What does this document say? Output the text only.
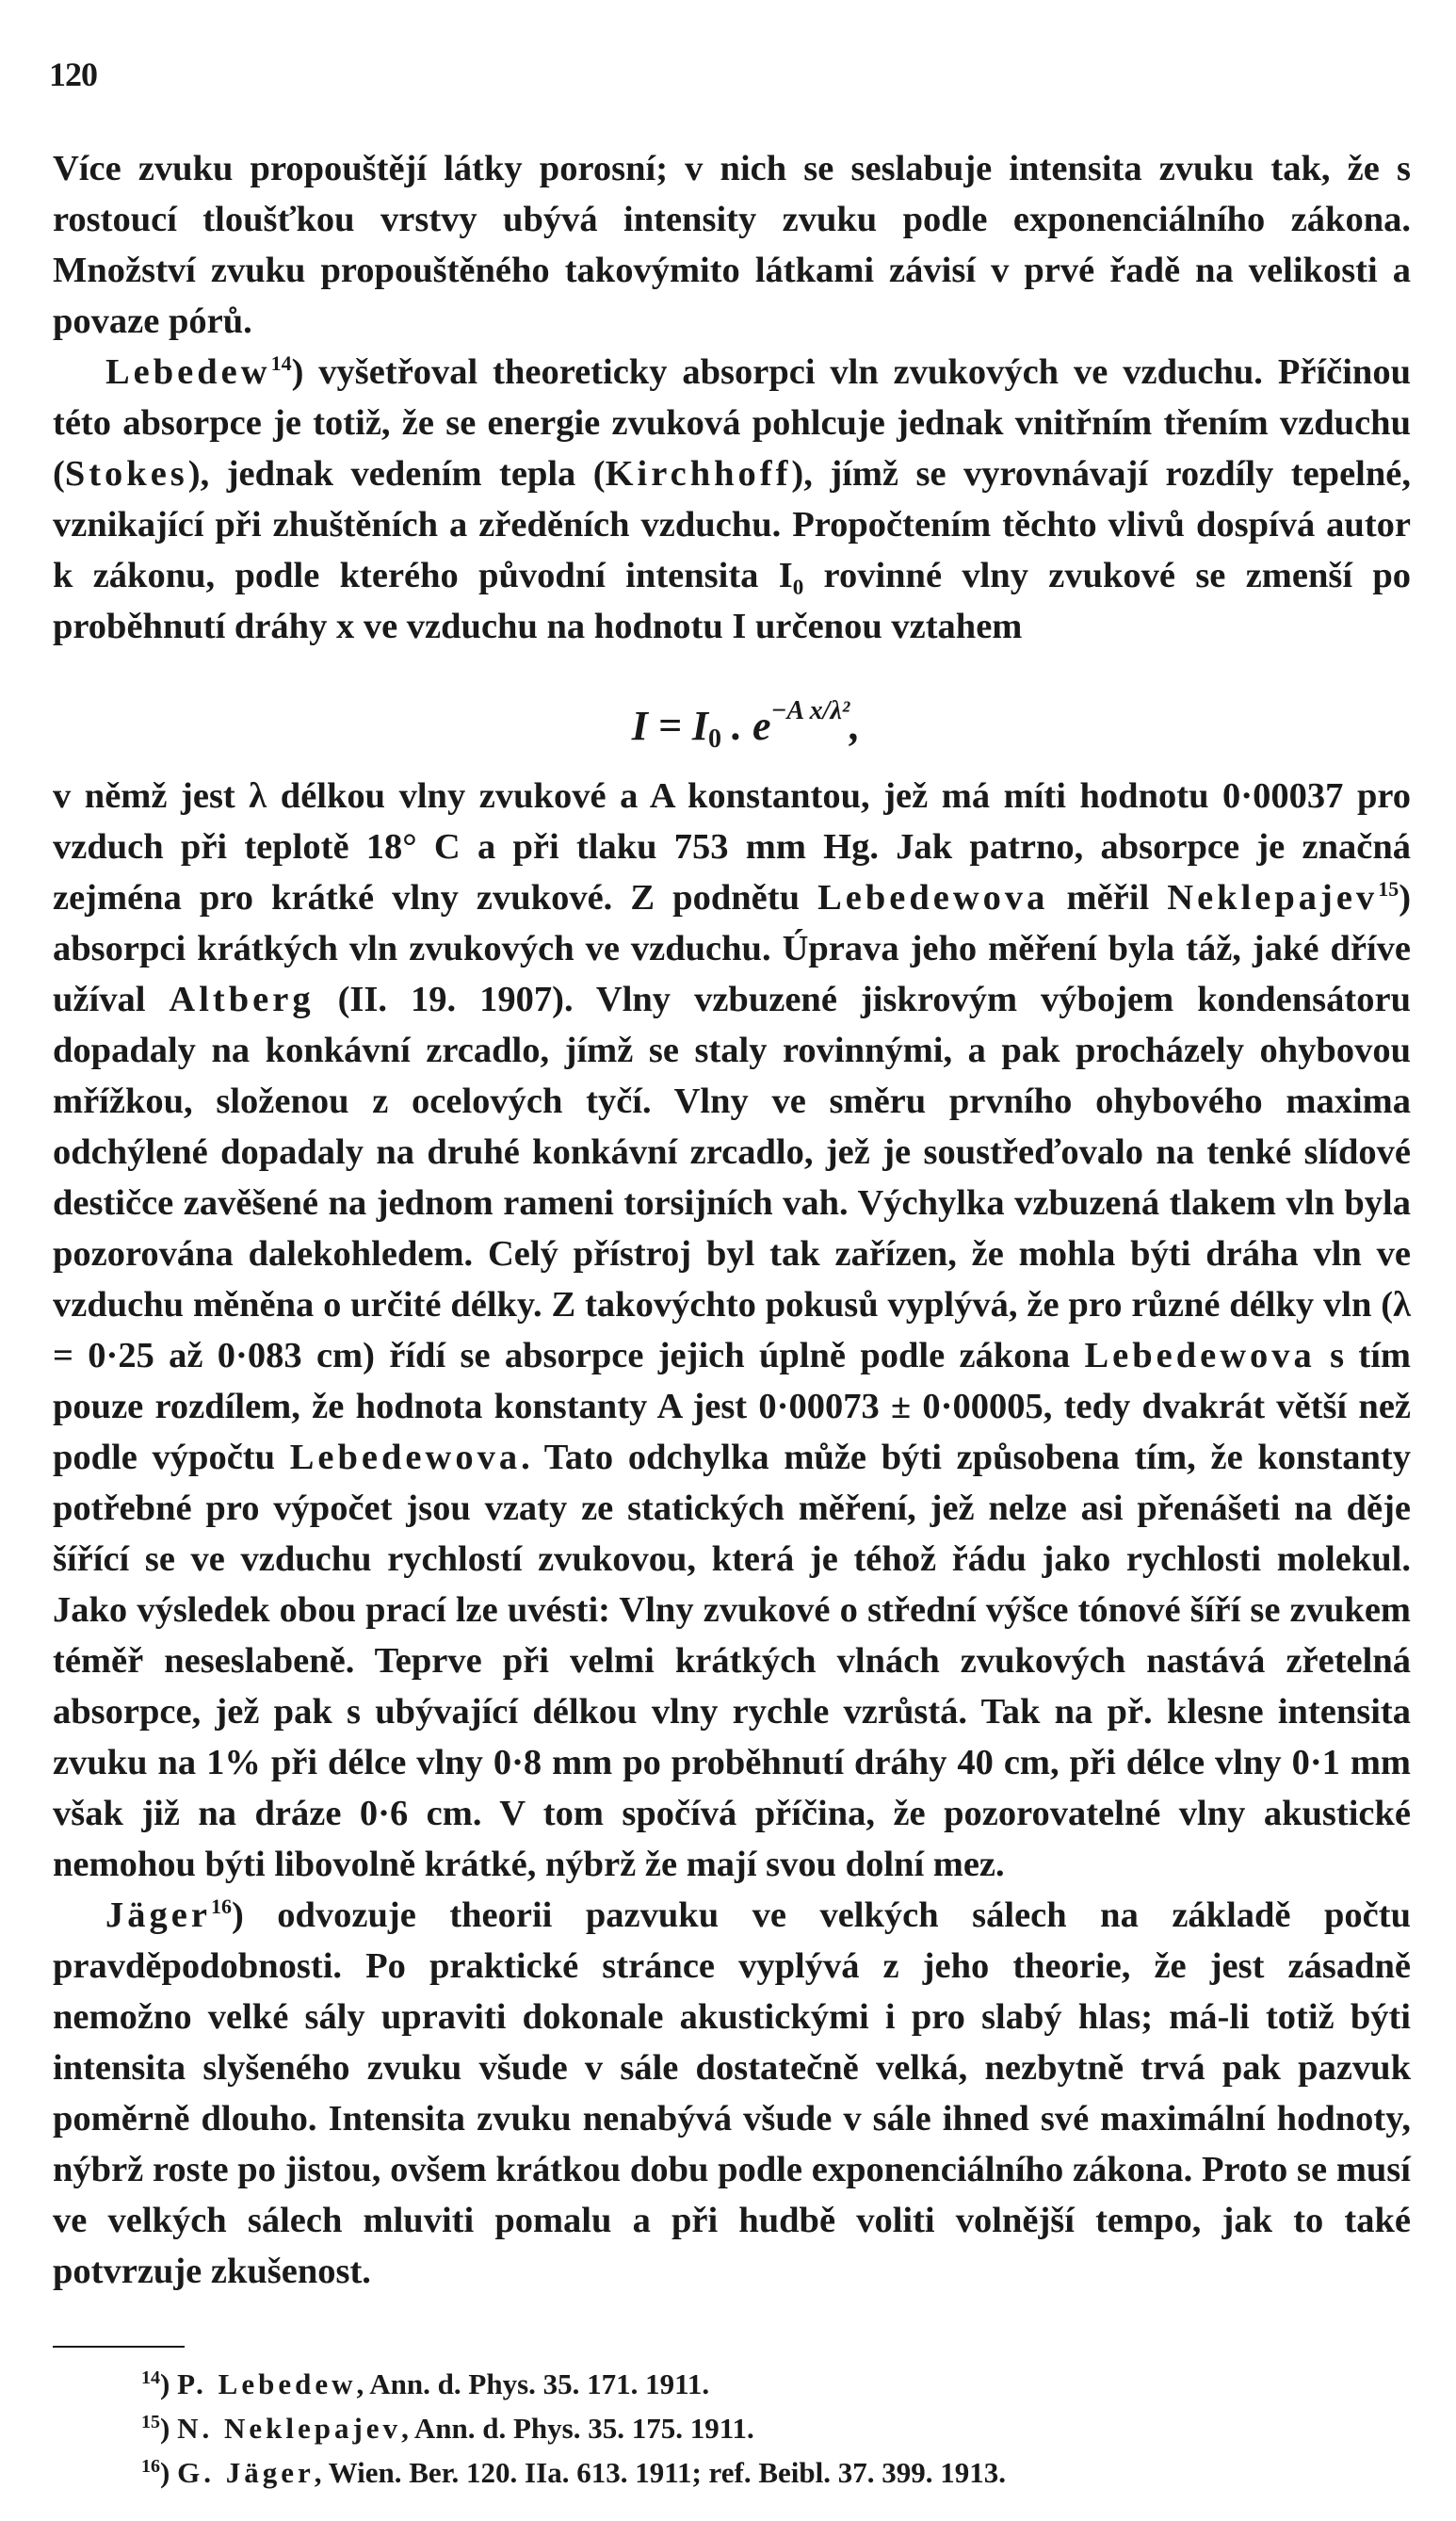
120

Více zvuku propouštějí látky porosní; v nich se seslabuje intensita zvuku tak, že s rostoucí tloušťkou vrstvy ubývá intensity zvuku podle exponenciálního zákona. Množství zvuku propouštěného takovýmito látkami závisí v prvé řadě na velikosti a povaze pórů.

Lebedew$^{14}$) vyšetřoval theoreticky absorpci vln zvukových ve vzduchu. Příčinou této absorpce je totiž, že se energie zvuková pohlcuje jednak vnitřním třením vzduchu (Stokes), jednak vedením tepla (Kirchhoff), jímž se vyrovnávají rozdíly tepelné, vznikající při zhuštěních a zředěních vzduchu. Propočtením těchto vlivů dospívá autor k zákonu, podle kterého původní intensita I₀ rovinné vlny zvukové se zmenší po proběhnutí dráhy x ve vzduchu na hodnotu I určenou vztahem

$I = I_0$ . $e^{-A x/\lambda^2}$,

v němž jest λ délkou vlny zvukové a A konstantou, jež má míti hodnotu 0·00037 pro vzduch při teplotě 18° C a při tlaku 753 mm Hg. Jak patrno, absorpce je značná zejména pro krátké vlny zvukové. Z podnětu Lebedewova měřil Neklepajev$^{15}$) absorpci krátkých vln zvukových ve vzduchu. Úprava jeho měření byla táž, jaké dříve užíval Altberg (II. 19. 1907). Vlny vzbuzené jiskrovým výbojem kondensátoru dopadaly na konkávní zrcadlo, jímž se staly rovinnými, a pak procházely ohybovou mřížkou, složenou z ocelových tyčí. Vlny ve směru prvního ohybového maxima odchýlené dopadaly na druhé konkávní zrcadlo, jež je soustřeďovalo na tenké slídové destičce zavěšené na jednom rameni torsijních vah. Výchylka vzbuzená tlakem vln byla pozorována dalekohledem. Celý přístroj byl tak zařízen, že mohla býti dráha vln ve vzduchu měněna o určité délky. Z takovýchto pokusů vyplývá, že pro různé délky vln (λ = 0·25 až 0·083 cm) řídí se absorpce jejich úplně podle zákona Lebedewova s tím pouze rozdílem, že hodnota konstanty A jest 0·00073 ± 0·00005, tedy dvakrát větší než podle výpočtu Lebedewova. Tato odchylka může býti způsobena tím, že konstanty potřebné pro výpočet jsou vzaty ze statických měření, jež nelze asi přenášeti na děje šířící se ve vzduchu rychlostí zvukovou, která je téhož řádu jako rychlosti molekul. Jako výsledek obou prací lze uvésti: Vlny zvukové o střední výšce tónové šíří se zvukem téměř neseslabeně. Teprve při velmi krátkých vlnách zvukových nastává zřetelná absorpce, jež pak s ubývající délkou vlny rychle vzrůstá. Tak na př. klesne intensita zvuku na 1% při délce vlny 0·8 mm po proběhnutí dráhy 40 cm, při délce vlny 0·1 mm však již na dráze 0·6 cm. V tom spočívá příčina, že pozorovatelné vlny akustické nemohou býti libovolně krátké, nýbrž že mají svou dolní mez.

Jäger$^{16}$) odvozuje theorii pazvuku ve velkých sálech na základě počtu pravděpodobnosti. Po praktické stránce vyplývá z jeho theorie, že jest zásadně nemožno velké sály upraviti dokonale akustickými i pro slabý hlas; má-li totiž býti intensita slyšeného zvuku všude v sále dostatečně velká, nezbytně trvá pak pazvuk poměrně dlouho. Intensita zvuku nenabývá všude v sále ihned své maximální hodnoty, nýbrž roste po jistou, ovšem krátkou dobu podle exponenciálního zákona. Proto se musí ve velkých sálech mluviti pomalu a při hudbě voliti volnější tempo, jak to také potvrzuje zkušenost.

$^{14}$) P. Lebedew, Ann. d. Phys. 35. 171. 1911.
$^{15}$) N. Neklepajev, Ann. d. Phys. 35. 175. 1911.
$^{16}$) G. Jäger, Wien. Ber. 120. IIa. 613. 1911; ref. Beibl. 37. 399. 1913.
